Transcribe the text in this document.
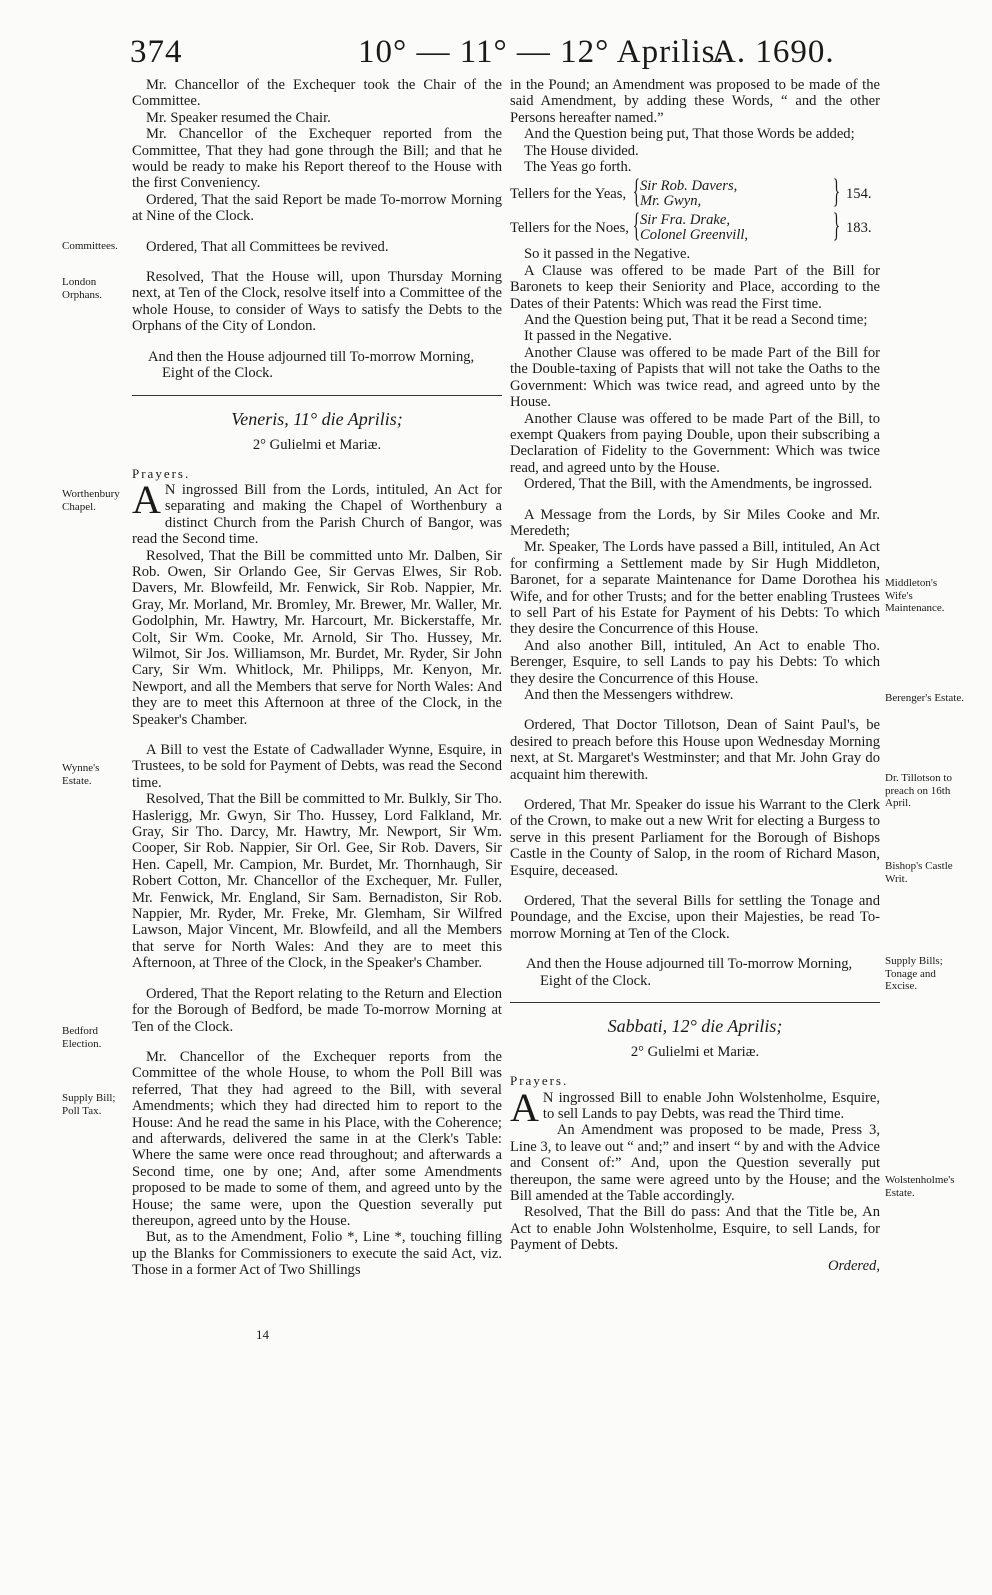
374	10° — 11° — 12° Aprilis.
A. 1690.
Committees.
London Orphans.
Worthenbury Chapel.
Wynne's Estate.
Bedford Election.
Supply Bill; Poll Tax.

Mr. Chancellor of the Exchequer took the Chair of the Committee.

Mr. Speaker resumed the Chair.

Mr. Chancellor of the Exchequer reported from the Committee, That they had gone through the Bill; and that he would be ready to make his Report thereof to the House with the first Conveniency.

Ordered, That the said Report be made To-morrow Morning at Nine of the Clock.

Ordered, That all Committees be revived.

Resolved, That the House will, upon Thursday Morning next, at Ten of the Clock, resolve itself into a Committee of the whole House, to consider of Ways to satisfy the Debts to the Orphans of the City of London.

And then the House adjourned till To-morrow Morning, Eight of the Clock.

Veneris, 11° die Aprilis;
2° Gulielmi et Mariæ.

Prayers.

A N ingrossed Bill from the Lords, intituled, An Act for separating and making the Chapel of Worthenbury a distinct Church from the Parish Church of Bangor, was read the Second time.

Resolved, That the Bill be committed unto Mr. Dalben, Sir Rob. Owen, Sir Orlando Gee, Sir Gervas Elwes, Sir Rob. Davers, Mr. Blowfeild, Mr. Fenwick, Sir Rob. Nappier, Mr. Gray, Mr. Morland, Mr. Bromley, Mr. Brewer, Mr. Waller, Mr. Godolphin, Mr. Hawtry, Mr. Harcourt, Mr. Bickerstaffe, Mr. Colt, Sir Wm. Cooke, Mr. Arnold, Sir Tho. Hussey, Mr. Wilmot, Sir Jos. Williamson, Mr. Burdet, Mr. Ryder, Sir John Cary, Sir Wm. Whitlock, Mr. Philipps, Mr. Kenyon, Mr. Newport, and all the Members that serve for North Wales: And they are to meet this Afternoon at three of the Clock, in the Speaker's Chamber.

A Bill to vest the Estate of Cadwallader Wynne, Esquire, in Trustees, to be sold for Payment of Debts, was read the Second time.

Resolved, That the Bill be committed to Mr. Bulkly, Sir Tho. Haslerigg, Mr. Gwyn, Sir Tho. Hussey, Lord Falkland, Mr. Gray, Sir Tho. Darcy, Mr. Hawtry, Mr. Newport, Sir Wm. Cooper, Sir Rob. Nappier, Sir Orl. Gee, Sir Rob. Davers, Sir Hen. Capell, Mr. Campion, Mr. Burdet, Mr. Thornhaugh, Sir Robert Cotton, Mr. Chancellor of the Exchequer, Mr. Fuller, Mr. Fenwick, Mr. England, Sir Sam. Bernadiston, Sir Rob. Nappier, Mr. Ryder, Mr. Freke, Mr. Glemham, Sir Wilfred Lawson, Major Vincent, Mr. Blowfeild, and all the Members that serve for North Wales: And they are to meet this Afternoon, at Three of the Clock, in the Speaker's Chamber.

Ordered, That the Report relating to the Return and Election for the Borough of Bedford, be made To-morrow Morning at Ten of the Clock.

Mr. Chancellor of the Exchequer reports from the Committee of the whole House, to whom the Poll Bill was referred, That they had agreed to the Bill, with several Amendments; which they had directed him to report to the House: And he read the same in his Place, with the Coherence; and afterwards, delivered the same in at the Clerk's Table: Where the same were once read throughout; and afterwards a Second time, one by one; And, after some Amendments proposed to be made to some of them, and agreed unto by the House; the same were, upon the Question severally put thereupon, agreed unto by the House.

But, as to the Amendment, Folio *, Line *, touching filling up the Blanks for Commissioners to execute the said Act, viz. Those in a former Act of Two Shillings

14

in the Pound; an Amendment was proposed to be made of the said Amendment, by adding these Words, “ and the other Persons hereafter named.”

And the Question being put, That those Words be added;

The House divided.

The Yeas go forth.

Tellers for the Yeas, { Sir Rob. Davers,
Mr. Gwyn,	} 154.
Tellers for the Noes, { Sir Fra. Drake,
Colonel Greenvill,	} 183.

So it passed in the Negative.

A Clause was offered to be made Part of the Bill for Baronets to keep their Seniority and Place, according to the Dates of their Patents: Which was read the First time.

And the Question being put, That it be read a Second time;

It passed in the Negative.

Another Clause was offered to be made Part of the Bill for the Double-taxing of Papists that will not take the Oaths to the Government: Which was twice read, and agreed unto by the House.

Another Clause was offered to be made Part of the Bill, to exempt Quakers from paying Double, upon their subscribing a Declaration of Fidelity to the Government: Which was twice read, and agreed unto by the House.

Ordered, That the Bill, with the Amendments, be ingrossed.

A Message from the Lords, by Sir Miles Cooke and Mr. Meredeth;

Mr. Speaker, The Lords have passed a Bill, intituled, An Act for confirming a Settlement made by Sir Hugh Middleton, Baronet, for a separate Maintenance for Dame Dorothea his Wife, and for other Trusts; and for the better enabling Trustees to sell Part of his Estate for Payment of his Debts: To which they desire the Concurrence of this House.

And also another Bill, intituled, An Act to enable Tho. Berenger, Esquire, to sell Lands to pay his Debts: To which they desire the Concurrence of this House.

And then the Messengers withdrew.

Ordered, That Doctor Tillotson, Dean of Saint Paul's, be desired to preach before this House upon Wednesday Morning next, at St. Margaret's Westminster; and that Mr. John Gray do acquaint him therewith.

Ordered, That Mr. Speaker do issue his Warrant to the Clerk of the Crown, to make out a new Writ for electing a Burgess to serve in this present Parliament for the Borough of Bishops Castle in the County of Salop, in the room of Richard Mason, Esquire, deceased.

Ordered, That the several Bills for settling the Tonage and Poundage, and the Excise, upon their Majesties, be read To-morrow Morning at Ten of the Clock.

And then the House adjourned till To-morrow Morning, Eight of the Clock.

Sabbati, 12° die Aprilis;
2° Gulielmi et Mariæ.

Prayers.

A N ingrossed Bill to enable John Wolstenholme, Esquire, to sell Lands to pay Debts, was read the Third time.

An Amendment was proposed to be made, Press 3, Line 3, to leave out “ and;” and insert “ by and with the Advice and Consent of:” And, upon the Question severally put thereupon, the same were agreed unto by the House; and the Bill amended at the Table accordingly.

Resolved, That the Bill do pass: And that the Title be, An Act to enable John Wolstenholme, Esquire, to sell Lands, for Payment of Debts.

Ordered,

Middleton's Wife's Maintenance.
Berenger's Estate.
Dr. Tillotson to preach on 16th April.
Bishop's Castle Writ.
Supply Bills; Tonage and Excise.
Wolstenholme's Estate.
